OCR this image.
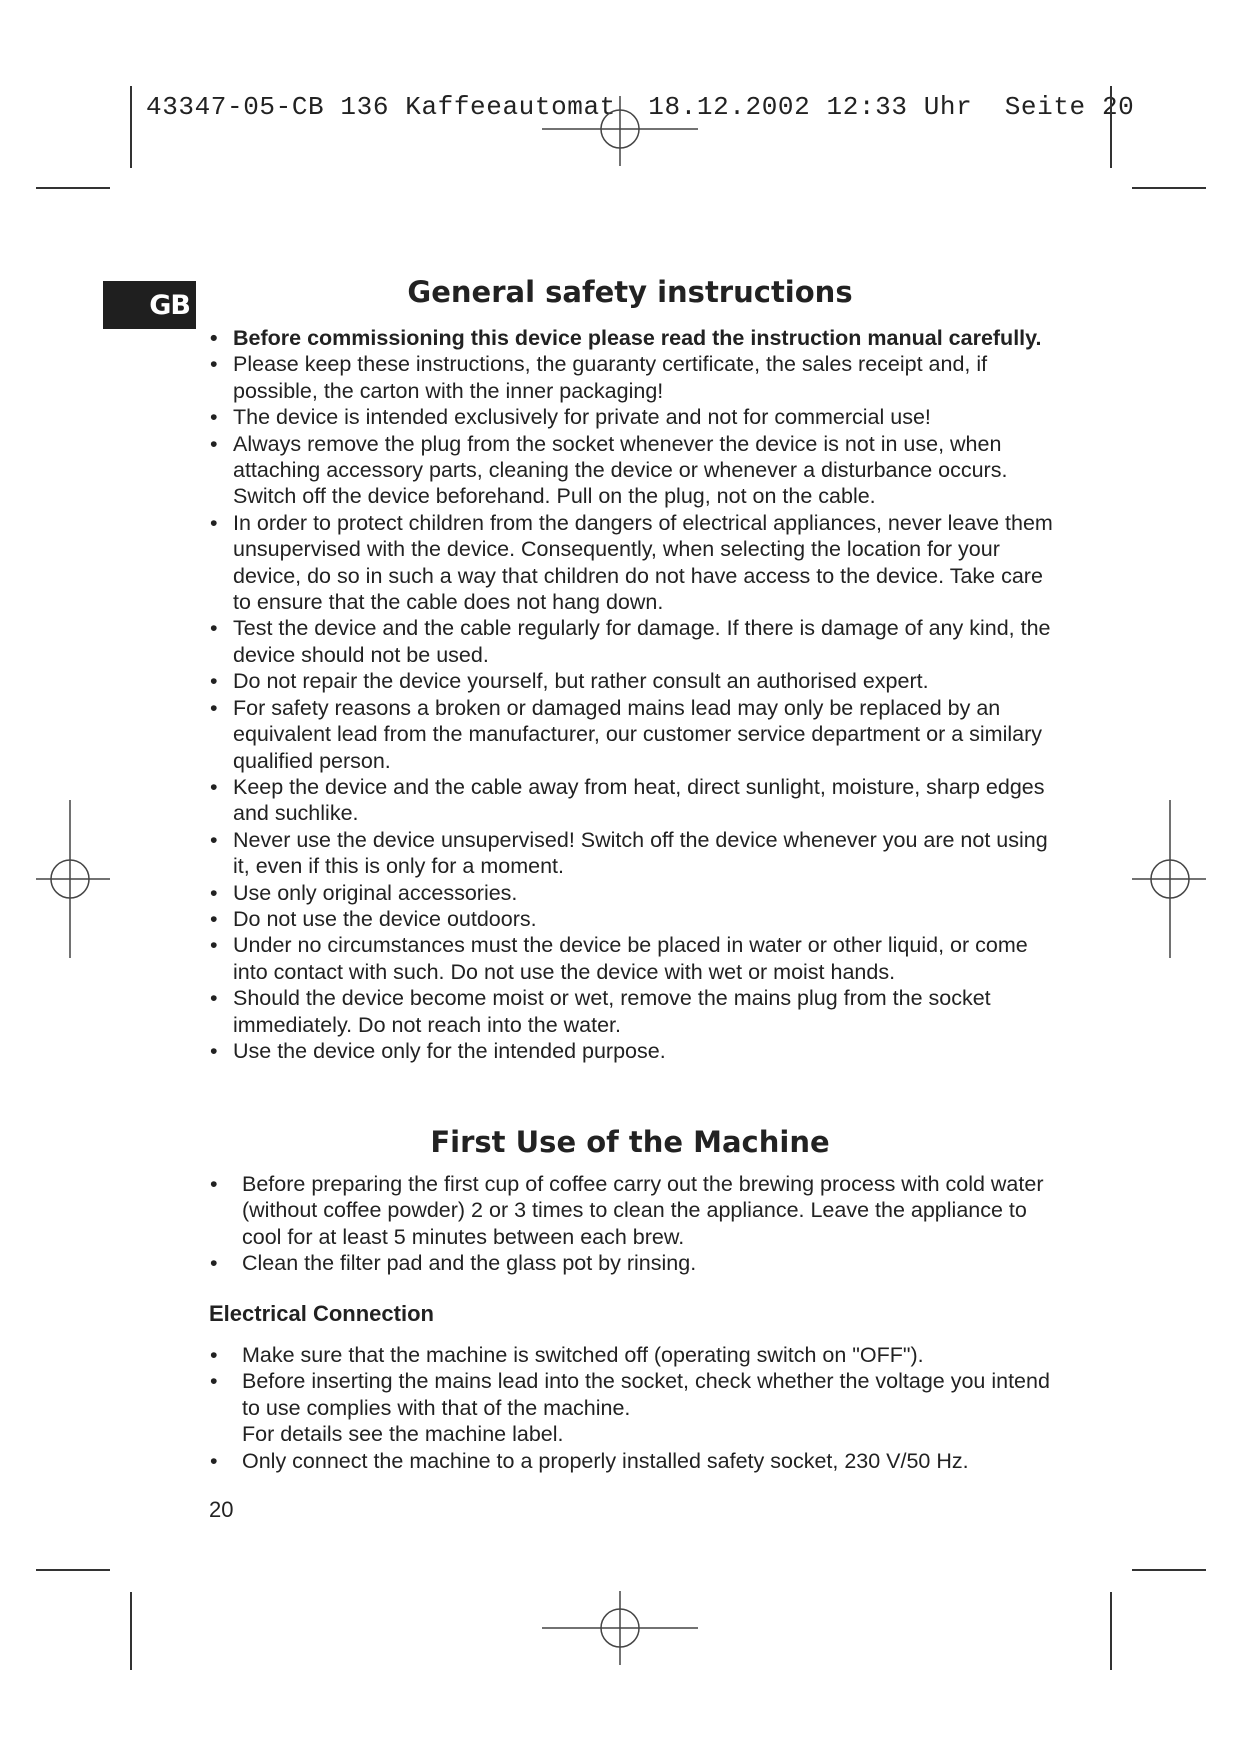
43347-05-CB 136 Kaffeeautomat  18.12.2002 12:33 Uhr  Seite 20
GB	General safety instructions
• Before commissioning this device please read the instruction manual carefully.
• Please keep these instructions, the guaranty certificate, the sales receipt and, if possible, the carton with the inner packaging!
• The device is intended exclusively for private and not for commercial use!
• Always remove the plug from the socket whenever the device is not in use, when attaching accessory parts, cleaning the device or whenever a disturbance occurs. Switch off the device beforehand. Pull on the plug, not on the cable.
• In order to protect children from the dangers of electrical appliances, never leave them unsupervised with the device. Consequently, when selecting the location for your device, do so in such a way that children do not have access to the device. Take care to ensure that the cable does not hang down.
• Test the device and the cable regularly for damage. If there is damage of any kind, the device should not be used.
• Do not repair the device yourself, but rather consult an authorised expert.
• For safety reasons a broken or damaged mains lead may only be replaced by an equivalent lead from the manufacturer, our customer service department or a similary qualified person.
• Keep the device and the cable away from heat, direct sunlight, moisture, sharp edges and suchlike.
• Never use the device unsupervised! Switch off the device whenever you are not using it, even if this is only for a moment.
• Use only original accessories.
• Do not use the device outdoors.
• Under no circumstances must the device be placed in water or other liquid, or come into contact with such. Do not use the device with wet or moist hands.
• Should the device become moist or wet, remove the mains plug from the socket immediately. Do not reach into the water.
• Use the device only for the intended purpose.
First Use of the Machine
• Before preparing the first cup of coffee carry out the brewing process with cold water (without coffee powder) 2 or 3 times to clean the appliance. Leave the appliance to cool for at least 5 minutes between each brew.
• Clean the filter pad and the glass pot by rinsing.
Electrical Connection
• Make sure that the machine is switched off (operating switch on "OFF").
• Before inserting the mains lead into the socket, check whether the voltage you intend to use complies with that of the machine.
For details see the machine label.
• Only connect the machine to a properly installed safety socket, 230 V/50 Hz.
20
